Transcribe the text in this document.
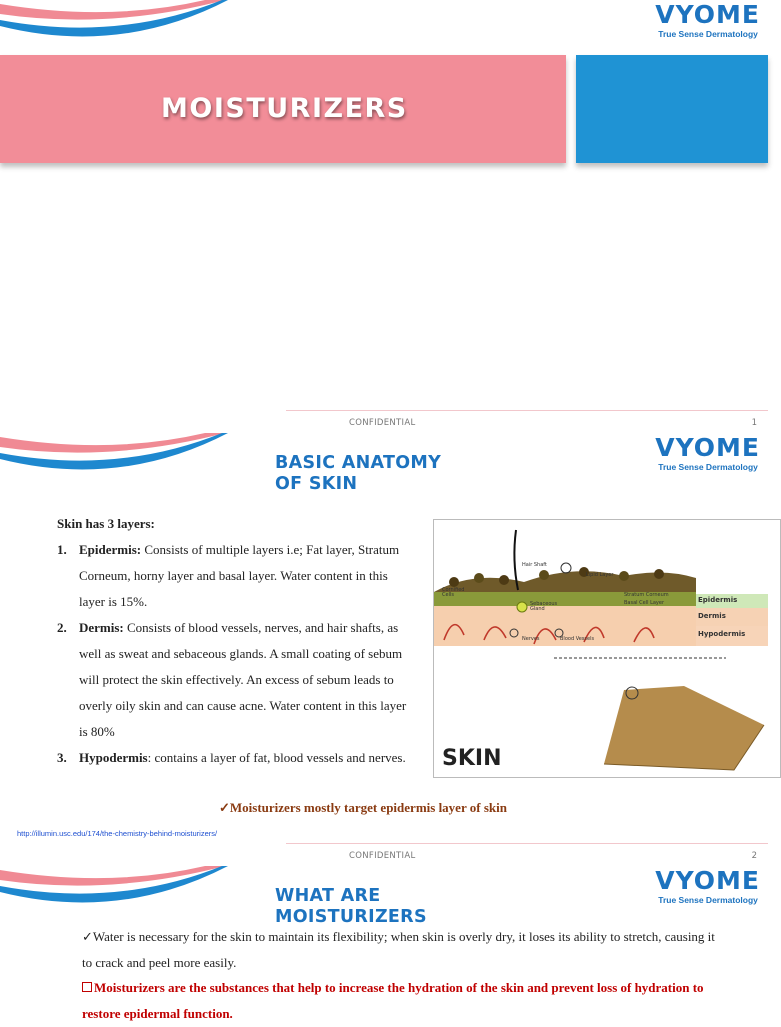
VYOME
True Sense Dermatology
MOISTURIZERS
CONFIDENTIAL	1
VYOME
True Sense Dermatology
BASIC ANATOMY
OF SKIN
Skin has 3 layers:
1. Epidermis: Consists of multiple layers i.e; Fat layer, Stratum Corneum, horny layer and basal layer. Water content in this layer is 15%.
2. Dermis: Consists of blood vessels, nerves, and hair shafts, as well as sweat and sebaceous glands. A small coating of sebum will protect the skin effectively. An excess of sebum leads to overly oily skin and can cause acne. Water content in this layer is 80%
3. Hypodermis: contains a layer of fat, blood vessels and nerves.
Hair Shaft
Lipid Layer
Cornified Cells	Stratum Corneum
Basal Cell Layer
Sebaceous Gland
Nerves	Blood Vessels
Epidermis
Dermis
Hypodermis
SKIN
✓Moisturizers mostly target epidermis layer of skin
http://illumin.usc.edu/174/the-chemistry-behind-moisturizers/
CONFIDENTIAL	2
VYOME
True Sense Dermatology
WHAT ARE
MOISTURIZERS
✓Water is necessary for the skin to maintain its flexibility; when skin is overly dry, it loses its ability to stretch, causing it to crack and peel more easily.
Moisturizers are the substances that help to increase the hydration of the skin and prevent loss of hydration to restore epidermal function.
